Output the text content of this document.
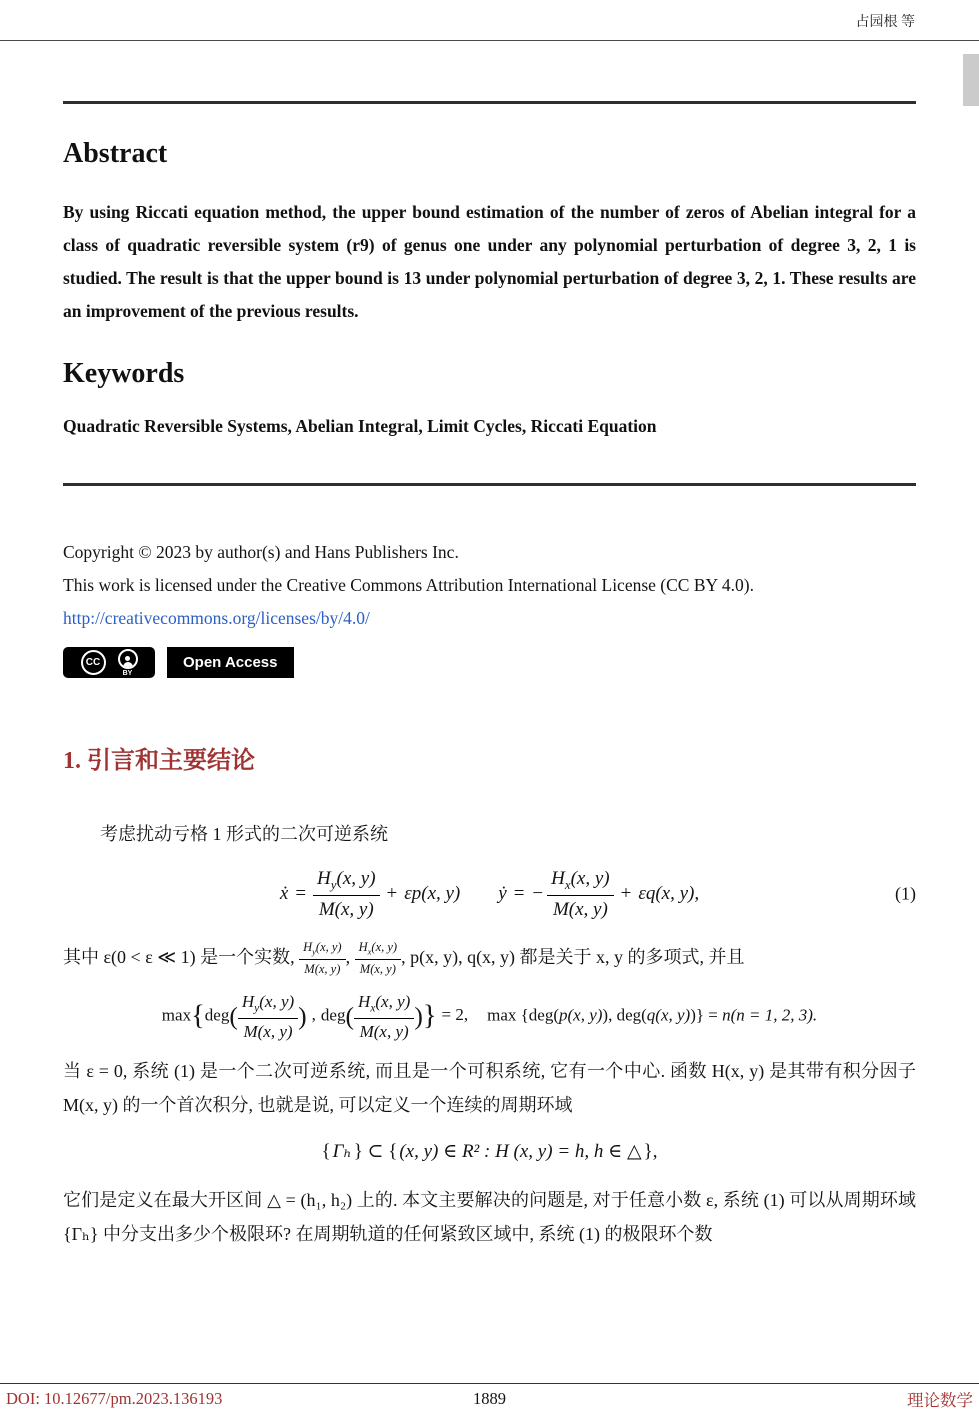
占园根 等
Abstract

By using Riccati equation method, the upper bound estimation of the number of zeros of Abelian integral for a class of quadratic reversible system (r9) of genus one under any polynomial perturbation of degree 3, 2, 1 is studied. The result is that the upper bound is 13 under polynomial perturbation of degree 3, 2, 1. These results are an improvement of the previous results.

Keywords

Quadratic Reversible Systems, Abelian Integral, Limit Cycles, Riccati Equation

Copyright © 2023 by author(s) and Hans Publishers Inc.

This work is licensed under the Creative Commons Attribution International License (CC BY 4.0).

http://creativecommons.org/licenses/by/4.0/

CC
BY
Open Access
1. 引言和主要结论

考虑扰动亏格 1 形式的二次可逆系统

ẋ = $\frac{H_y(x, y)}{M(x, y)} + \varepsilon p(x$, y) ẏ = − $\frac{H_x(x, y)}{M(x, y)} + \varepsilon q(x$, y),	(1)

其中 ε(0 < ε ≪ 1) 是一个实数, $\frac{H_y(x, y)}{M(x, y)}$ , $\frac{H_x(x, y)}{M(x, y)}$ , p(x, y), q(x, y) 都是关于 x, y 的多项式, 并且

$\max\{deg( \frac{H_y(x, y)}{M(x, y)}$ ) , $deg( \frac{H_x(x, y)}{M(x, y)}$ )} = 2, max {deg(p(x, y)), deg(q(x, y))} = n(n = 1, 2, 3).

当 ε = 0, 系统 (1) 是一个二次可逆系统, 而且是一个可积系统, 它有一个中心. 函数 H(x, y) 是其带有积分因子 M(x, y) 的一个首次积分, 也就是说, 可以定义一个连续的周期环域

{ Γₕ } ⊂ { (x, y) ∈ R² : H (x, y) = h, h ∈ △ },

它们是定义在最大开区间 △ = (h₁, h₂) 上的. 本文主要解决的问题是, 对于任意小数 ε, 系统 (1) 可以从周期环域{Γₕ} 中分支出多少个极限环? 在周期轨道的任何紧致区域中, 系统 (1) 的极限环个数

DOI: 10.12677/pm.2023.136193	1889	理论数学
